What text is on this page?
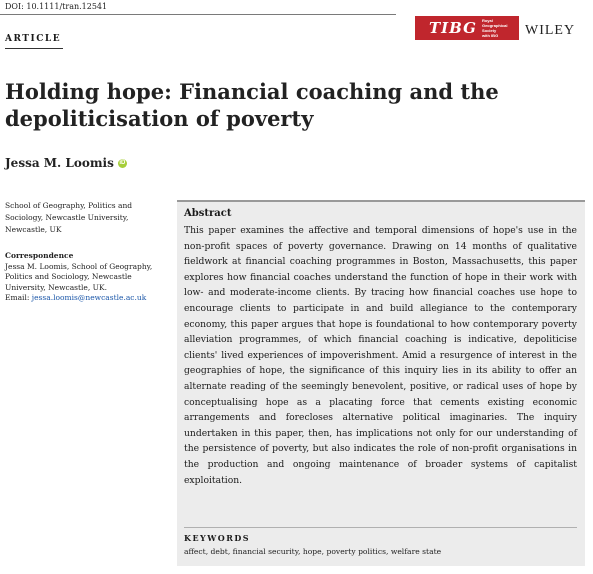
DOI: 10.1111/tran.12541
ARTICLE
TIBG	Royal
Geographical
Society
with IBG	WILEY
Holding hope: Financial coaching and the depoliticisation of poverty
Jessa M. Loomis iD
School of Geography, Politics and Sociology, Newcastle University, Newcastle, UK
Correspondence
Jessa M. Loomis, School of Geography, Politics and Sociology, Newcastle University, Newcastle, UK.
Email: jessa.loomis@newcastle.ac.uk
Abstract

This paper examines the affective and temporal dimensions of hope's use in the non-profit spaces of poverty governance. Drawing on 14 months of qualitative fieldwork at financial coaching programmes in Boston, Massachusetts, this paper explores how financial coaches understand the function of hope in their work with low- and moderate-income clients. By tracing how financial coaches use hope to encourage clients to participate in and build allegiance to the contemporary economy, this paper argues that hope is foundational to how contemporary poverty alleviation programmes, of which financial coaching is indicative, depoliticise clients' lived experiences of impoverishment. Amid a resurgence of interest in the geographies of hope, the significance of this inquiry lies in its ability to offer an alternate reading of the seemingly benevolent, positive, or radical uses of hope by conceptualising hope as a placating force that cements existing economic arrangements and forecloses alternative political imaginaries. The inquiry undertaken in this paper, then, has implications not only for our understanding of the persistence of poverty, but also indicates the role of non-profit organisations in the production and ongoing maintenance of broader systems of capitalist exploitation.

KEYWORDS
affect, debt, financial security, hope, poverty politics, welfare state
